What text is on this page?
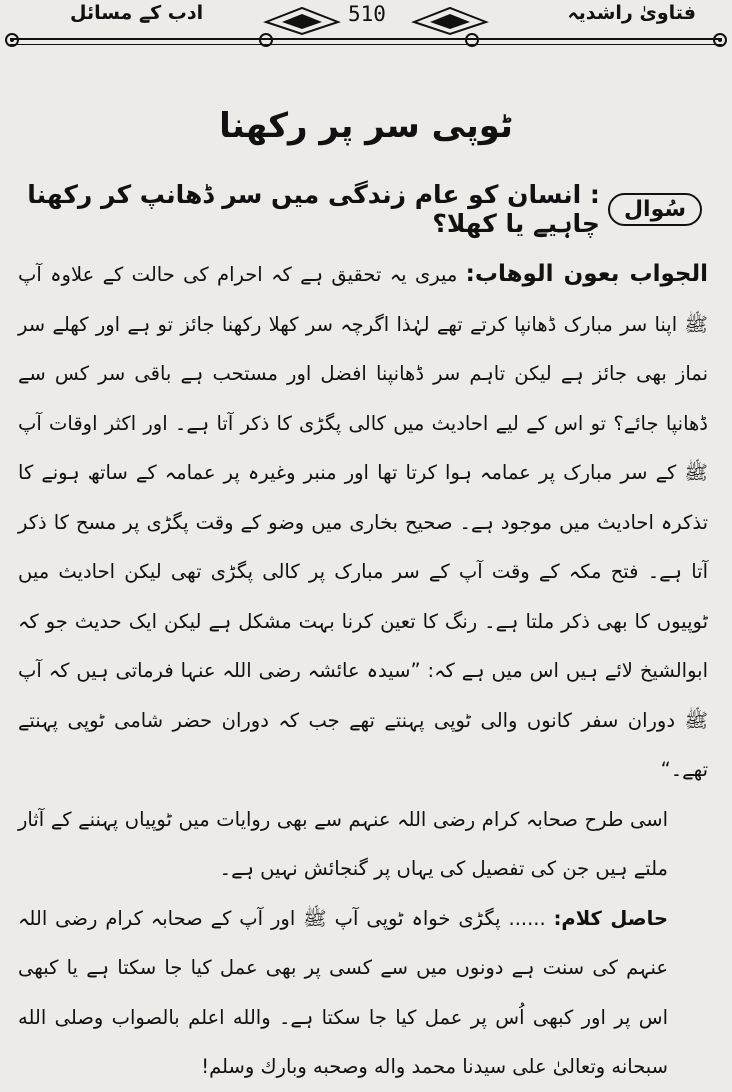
فتاویٰ راشدیہ
510
ادب کے مسائل
ٹوپی سر پر رکھنا
سُوال
: انسان کو عام زندگی میں سر ڈھانپ کر رکھنا چاہیے یا کھلا؟
الجواب بعون الوهاب: میری یہ تحقیق ہے کہ احرام کی حالت کے علاوہ آپ ﷺ اپنا سر مبارک ڈھانپا کرتے تھے لہٰذا اگرچہ سر کھلا رکھنا جائز تو ہے اور کھلے سر نماز بھی جائز ہے لیکن تاہم سر ڈھانپنا افضل اور مستحب ہے باقی سر کس سے ڈھانپا جائے؟ تو اس کے لیے احادیث میں کالی پگڑی کا ذکر آتا ہے۔ اور اکثر اوقات آپ ﷺ کے سر مبارک پر عمامہ ہوا کرتا تھا اور منبر وغیرہ پر عمامہ کے ساتھ ہونے کا تذکرہ احادیث میں موجود ہے۔ صحیح بخاری میں وضو کے وقت پگڑی پر مسح کا ذکر آتا ہے۔ فتح مکہ کے وقت آپ کے سر مبارک پر کالی پگڑی تھی لیکن احادیث میں ٹوپیوں کا بھی ذکر ملتا ہے۔ رنگ کا تعین کرنا بہت مشکل ہے لیکن ایک حدیث جو کہ ابوالشیخ لائے ہیں اس میں ہے کہ: ”سیدہ عائشہ رضی اللہ عنہا فرماتی ہیں کہ آپ ﷺ دوران سفر کانوں والی ٹوپی پہنتے تھے جب کہ دوران حضر شامی ٹوپی پہنتے تھے۔“
اسی طرح صحابہ کرام رضی اللہ عنہم سے بھی روایات میں ٹوپیاں پہننے کے آثار ملتے ہیں جن کی تفصیل کی یہاں پر گنجائش نہیں ہے۔
حاصل کلام: ...... پگڑی خواہ ٹوپی آپ ﷺ اور آپ کے صحابہ کرام رضی اللہ عنہم کی سنت ہے دونوں میں سے کسی پر بھی عمل کیا جا سکتا ہے یا کبھی اس پر اور کبھی اُس پر عمل کیا جا سکتا ہے۔ والله اعلم بالصواب وصلى الله سبحانه وتعالىٰ على سيدنا محمد واله وصحبه وبارك وسلم!
